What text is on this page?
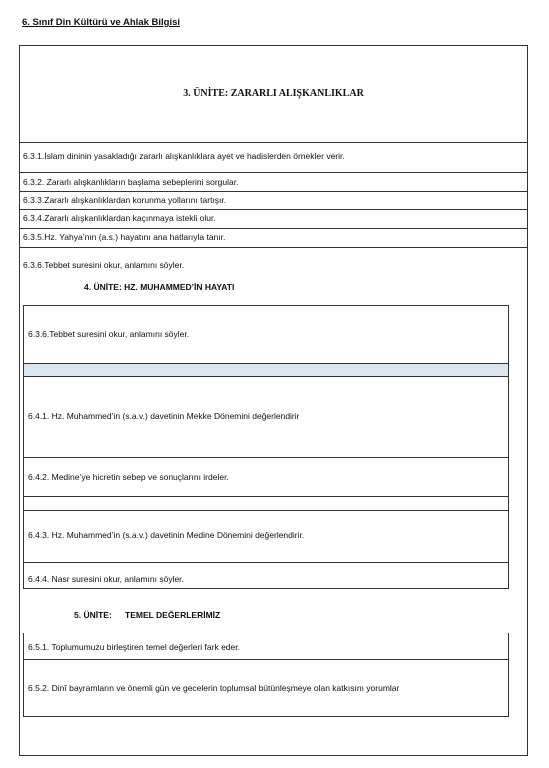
6. Sınıf Din Kültürü ve Ahlak Bilgisi
3. ÜNİTE: ZARARLI ALIŞKANLIKLAR
6.3.1.İslam dininin yasakladığı zararlı alışkanlıklara ayet ve hadislerden örnekler verir.
6.3.2. Zararlı alışkanlıkların başlama sebeplerini sorgular.
6.3.3.Zararlı alışkanlıklardan korunma yollarını tartışır.
6.3.4.Zararlı alışkanlıklardan kaçınmaya istekli olur.
6.3.5.Hz. Yahya’nın (a.s.) hayatını ana hatlarıyla tanır.
6.3.6.Tebbet suresini okur, anlamını söyler.
4. ÜNİTE: HZ. MUHAMMED’İN HAYATI
6.3.6.Tebbet suresini okur, anlamını söyler.
6.4.1. Hz. Muhammed’in (s.a.v.) davetinin Mekke Dönemini değerlendirir
6.4.2. Medine’ye hicretin sebep ve sonuçlarını irdeler.
6.4.3. Hz. Muhammed’in (s.a.v.) davetinin Medine Dönemini değerlendirir.
6.4.4. Nasr suresini okur, anlamını söyler.
5. ÜNİTE: TEMEL DEĞERLERİMİZ
6.5.1. Toplumumuzu birleştiren temel değerleri fark eder.
6.5.2. Dinî bayramların ve önemli gün ve gecelerin toplumsal bütünleşmeye olan katkısını yorumlar
